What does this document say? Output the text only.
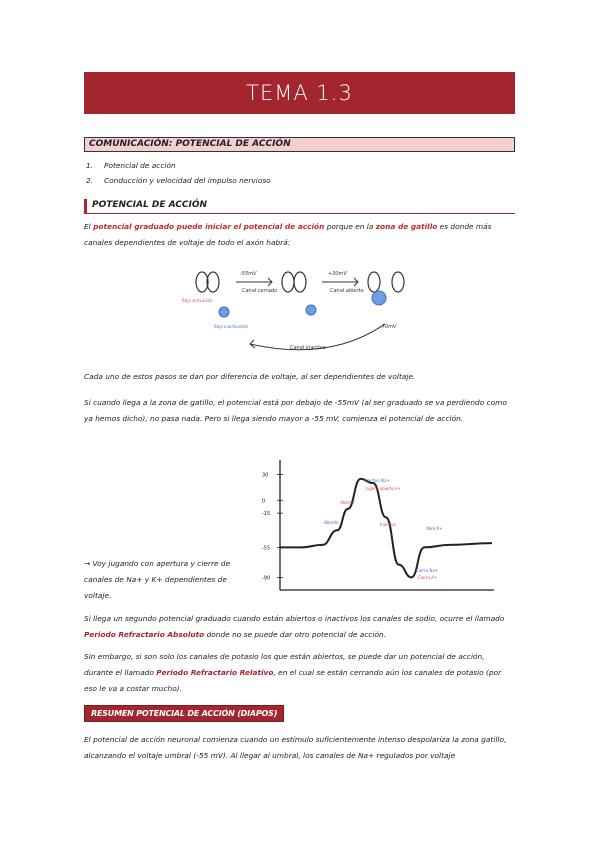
TEMA 1.3
COMUNICACIÓN: POTENCIAL DE ACCIÓN
1.	Potencial de acción
2.	Conducción y velocidad del impulso nervioso
POTENCIAL DE ACCIÓN

El potencial graduado puede iniciar el potencial de acción porque en la zona de gatillo es donde más canales dependientes de voltaje de todo el axón habrá:

-55mV
Canal cerrado
+30mV
Canal abierto
Reja activación
Reja inactivación	-70mV
Canal inactivo

Cada uno de estos pasos se dan por diferencia de voltaje, al ser dependientes de voltaje.

Si cuando llega a la zona de gatillo, el potencial está por debajo de -55mV (al ser graduado se va perdiendo como ya hemos dicho), no pasa nada. Pero si llega siendo mayor a -55 mV, comienza el potencial de acción.

30
0
-15
-55
-90
Inactivo Na+
Ligero abierto k+
Abierto
Abierto	Inactivo
Abre K+
Cierra Na+
Cierra K+

→ Voy jugando con apertura y cierre de canales de Na+ y K+ dependientes de voltaje.

Si llega un segundo potencial graduado cuando están abiertos o inactivos los canales de sodio, ocurre el llamado Periodo Refractario Absoluto donde no se puede dar otro potencial de acción.

Sin embargo, si son solo los canales de potasio los que están abiertos, se puede dar un potencial de acción, durante el llamado Periodo Refractario Relativo, en el cual se están cerrando aún los canales de potasio (por eso le va a costar mucho).

RESUMEN POTENCIAL DE ACCIÓN (DIAPOS)

El potencial de acción neuronal comienza cuando un estímulo suficientemente intenso despolariza la zona gatillo, alcanzando el voltaje umbral (-55 mV). Al llegar al umbral, los canales de Na+ regulados por voltaje
